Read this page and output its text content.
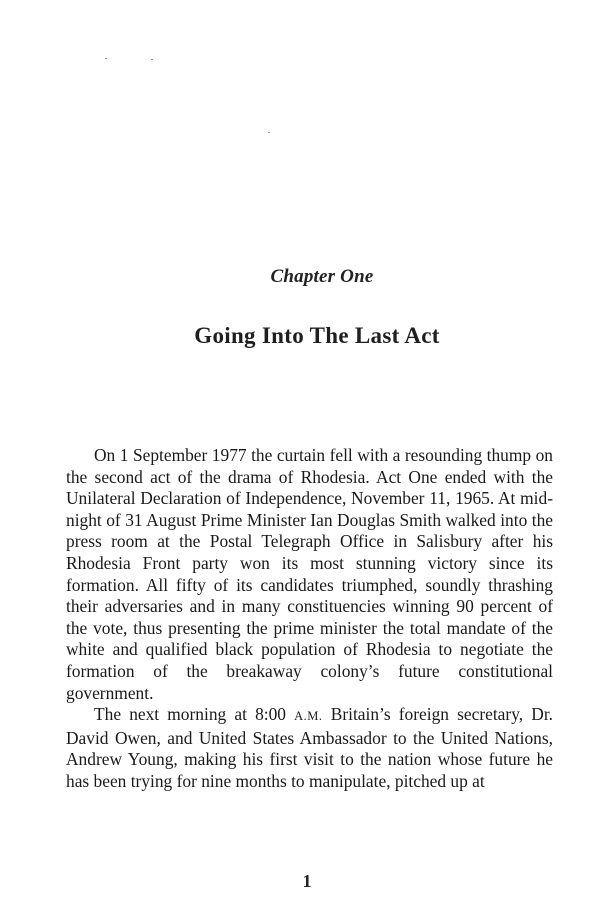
Chapter One
Going Into The Last Act

On 1 September 1977 the curtain fell with a resounding thump on the second act of the drama of Rhodesia. Act One ended with the Unilateral Declaration of Independence, November 11, 1965. At midnight of 31 August Prime Minister Ian Douglas Smith walked into the press room at the Postal Telegraph Office in Salisbury after his Rhodesia Front party won its most stunning victory since its formation. All fifty of its candidates triumphed, soundly thrashing their adversaries and in many constituencies winning 90 percent of the vote, thus presenting the prime minister the total mandate of the white and qualified black population of Rhodesia to negotiate the formation of the breakaway colony’s future constitutional government.

The next morning at 8:00 A.M. Britain’s foreign secretary, Dr. David Owen, and United States Ambassador to the United Nations, Andrew Young, making his first visit to the nation whose future he has been trying for nine months to manipulate, pitched up at

1
